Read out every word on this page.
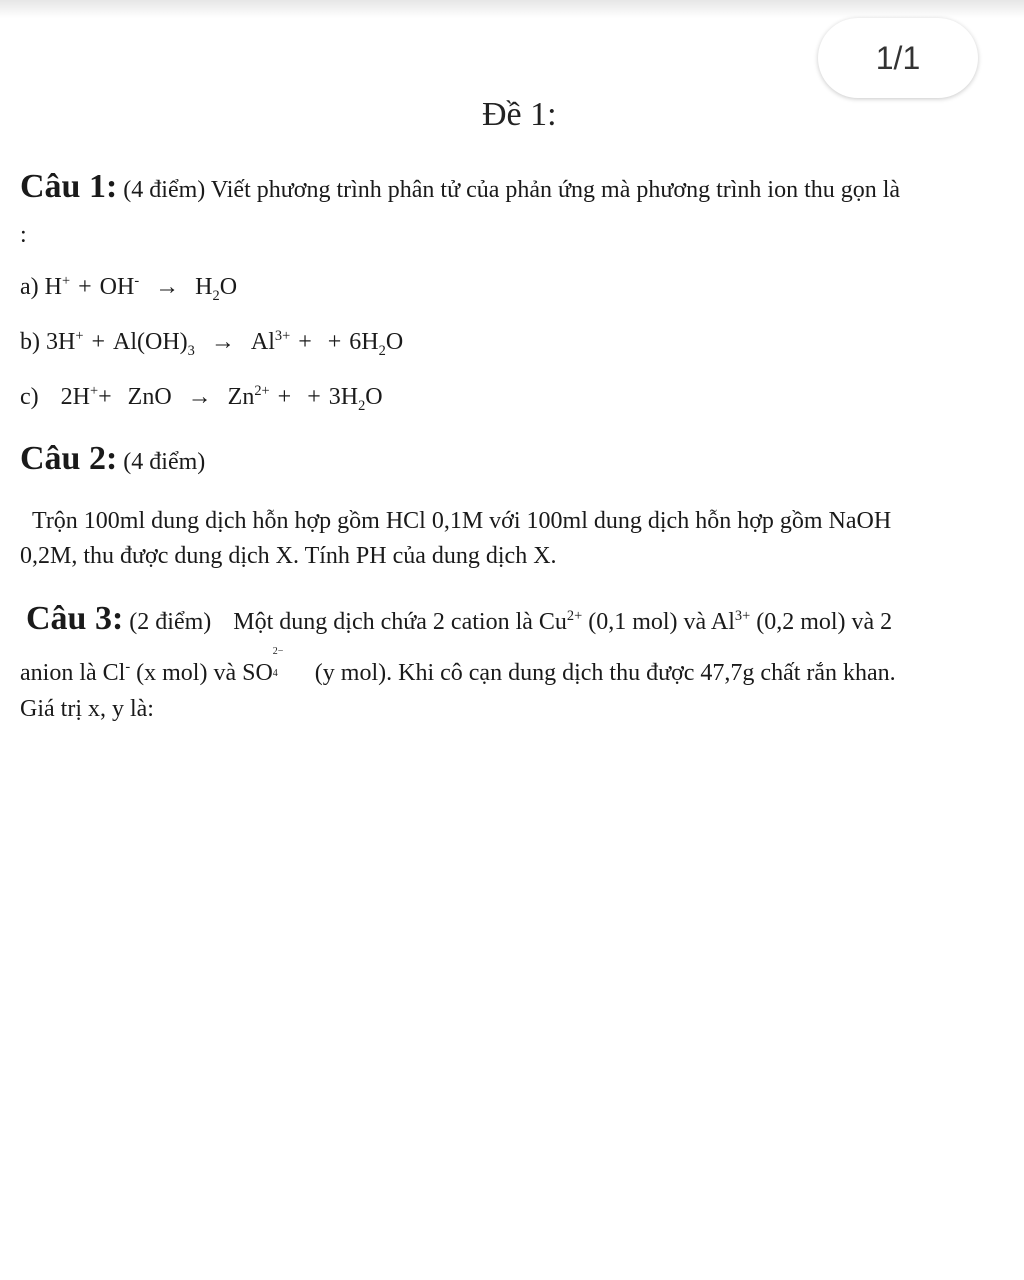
1/1
Đề 1:
Câu 1: (4 điểm) Viết phương trình phân tử của phản ứng mà phương trình ion thu gọn là
:
a) $H^+ + OH^- \to H_2O$
b) $3H^+ + Al(OH)_3 \to Al^{3+}$ + + $6H_2O$
c) 2H++ ZnO → $Zn^{2+}$ + + $3H_2O$
Câu 2: (4 điểm)
Trộn 100ml dung dịch hỗn hợp gồm HCl 0,1M với 100ml dung dịch hỗn hợp gồm NaOH
0,2M, thu được dung dịch X. Tính PH của dung dịch X.
Câu 3: (2 điểm) Một dung dịch chứa 2 cation là $Cu^{2+}$ (0,1 mol) và $Al^{3+}$ (0,2 mol) và 2
anion là Cl- (x mol) và SO
2−
4 (y mol). Khi cô cạn dung dịch thu được 47,7g chất rắn khan.
Giá trị x, y là:
